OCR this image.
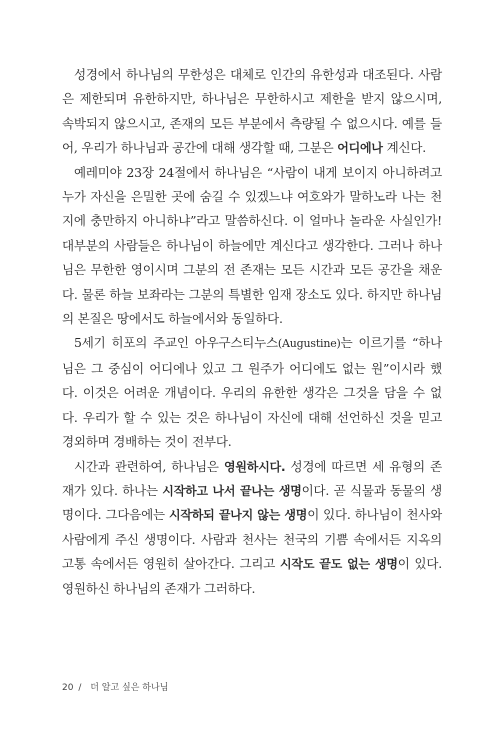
성경에서 하나님의 무한성은 대체로 인간의 유한성과 대조된다. 사람은 제한되며 유한하지만, 하나님은 무한하시고 제한을 받지 않으시며, 속박되지 않으시고, 존재의 모든 부분에서 측량될 수 없으시다. 예를 들어, 우리가 하나님과 공간에 대해 생각할 때, 그분은 어디에나 계신다.

예레미야 23장 24절에서 하나님은 “사람이 내게 보이지 아니하려고 누가 자신을 은밀한 곳에 숨길 수 있겠느냐 여호와가 말하노라 나는 천지에 충만하지 아니하냐”라고 말씀하신다. 이 얼마나 놀라운 사실인가! 대부분의 사람들은 하나님이 하늘에만 계신다고 생각한다. 그러나 하나님은 무한한 영이시며 그분의 전 존재는 모든 시간과 모든 공간을 채운다. 물론 하늘 보좌라는 그분의 특별한 임재 장소도 있다. 하지만 하나님의 본질은 땅에서도 하늘에서와 동일하다.

5세기 히포의 주교인 아우구스티누스(Augustine)는 이르기를 “하나님은 그 중심이 어디에나 있고 그 원주가 어디에도 없는 원”이시라 했다. 이것은 어려운 개념이다. 우리의 유한한 생각은 그것을 담을 수 없다. 우리가 할 수 있는 것은 하나님이 자신에 대해 선언하신 것을 믿고 경외하며 경배하는 것이 전부다.

시간과 관련하여, 하나님은 영원하시다. 성경에 따르면 세 유형의 존재가 있다. 하나는 시작하고 나서 끝나는 생명이다. 곧 식물과 동물의 생명이다. 그다음에는 시작하되 끝나지 않는 생명이 있다. 하나님이 천사와 사람에게 주신 생명이다. 사람과 천사는 천국의 기쁨 속에서든 지옥의 고통 속에서든 영원히 살아간다. 그리고 시작도 끝도 없는 생명이 있다. 영원하신 하나님의 존재가 그러하다.

20 / 더 알고 싶은 하나님
